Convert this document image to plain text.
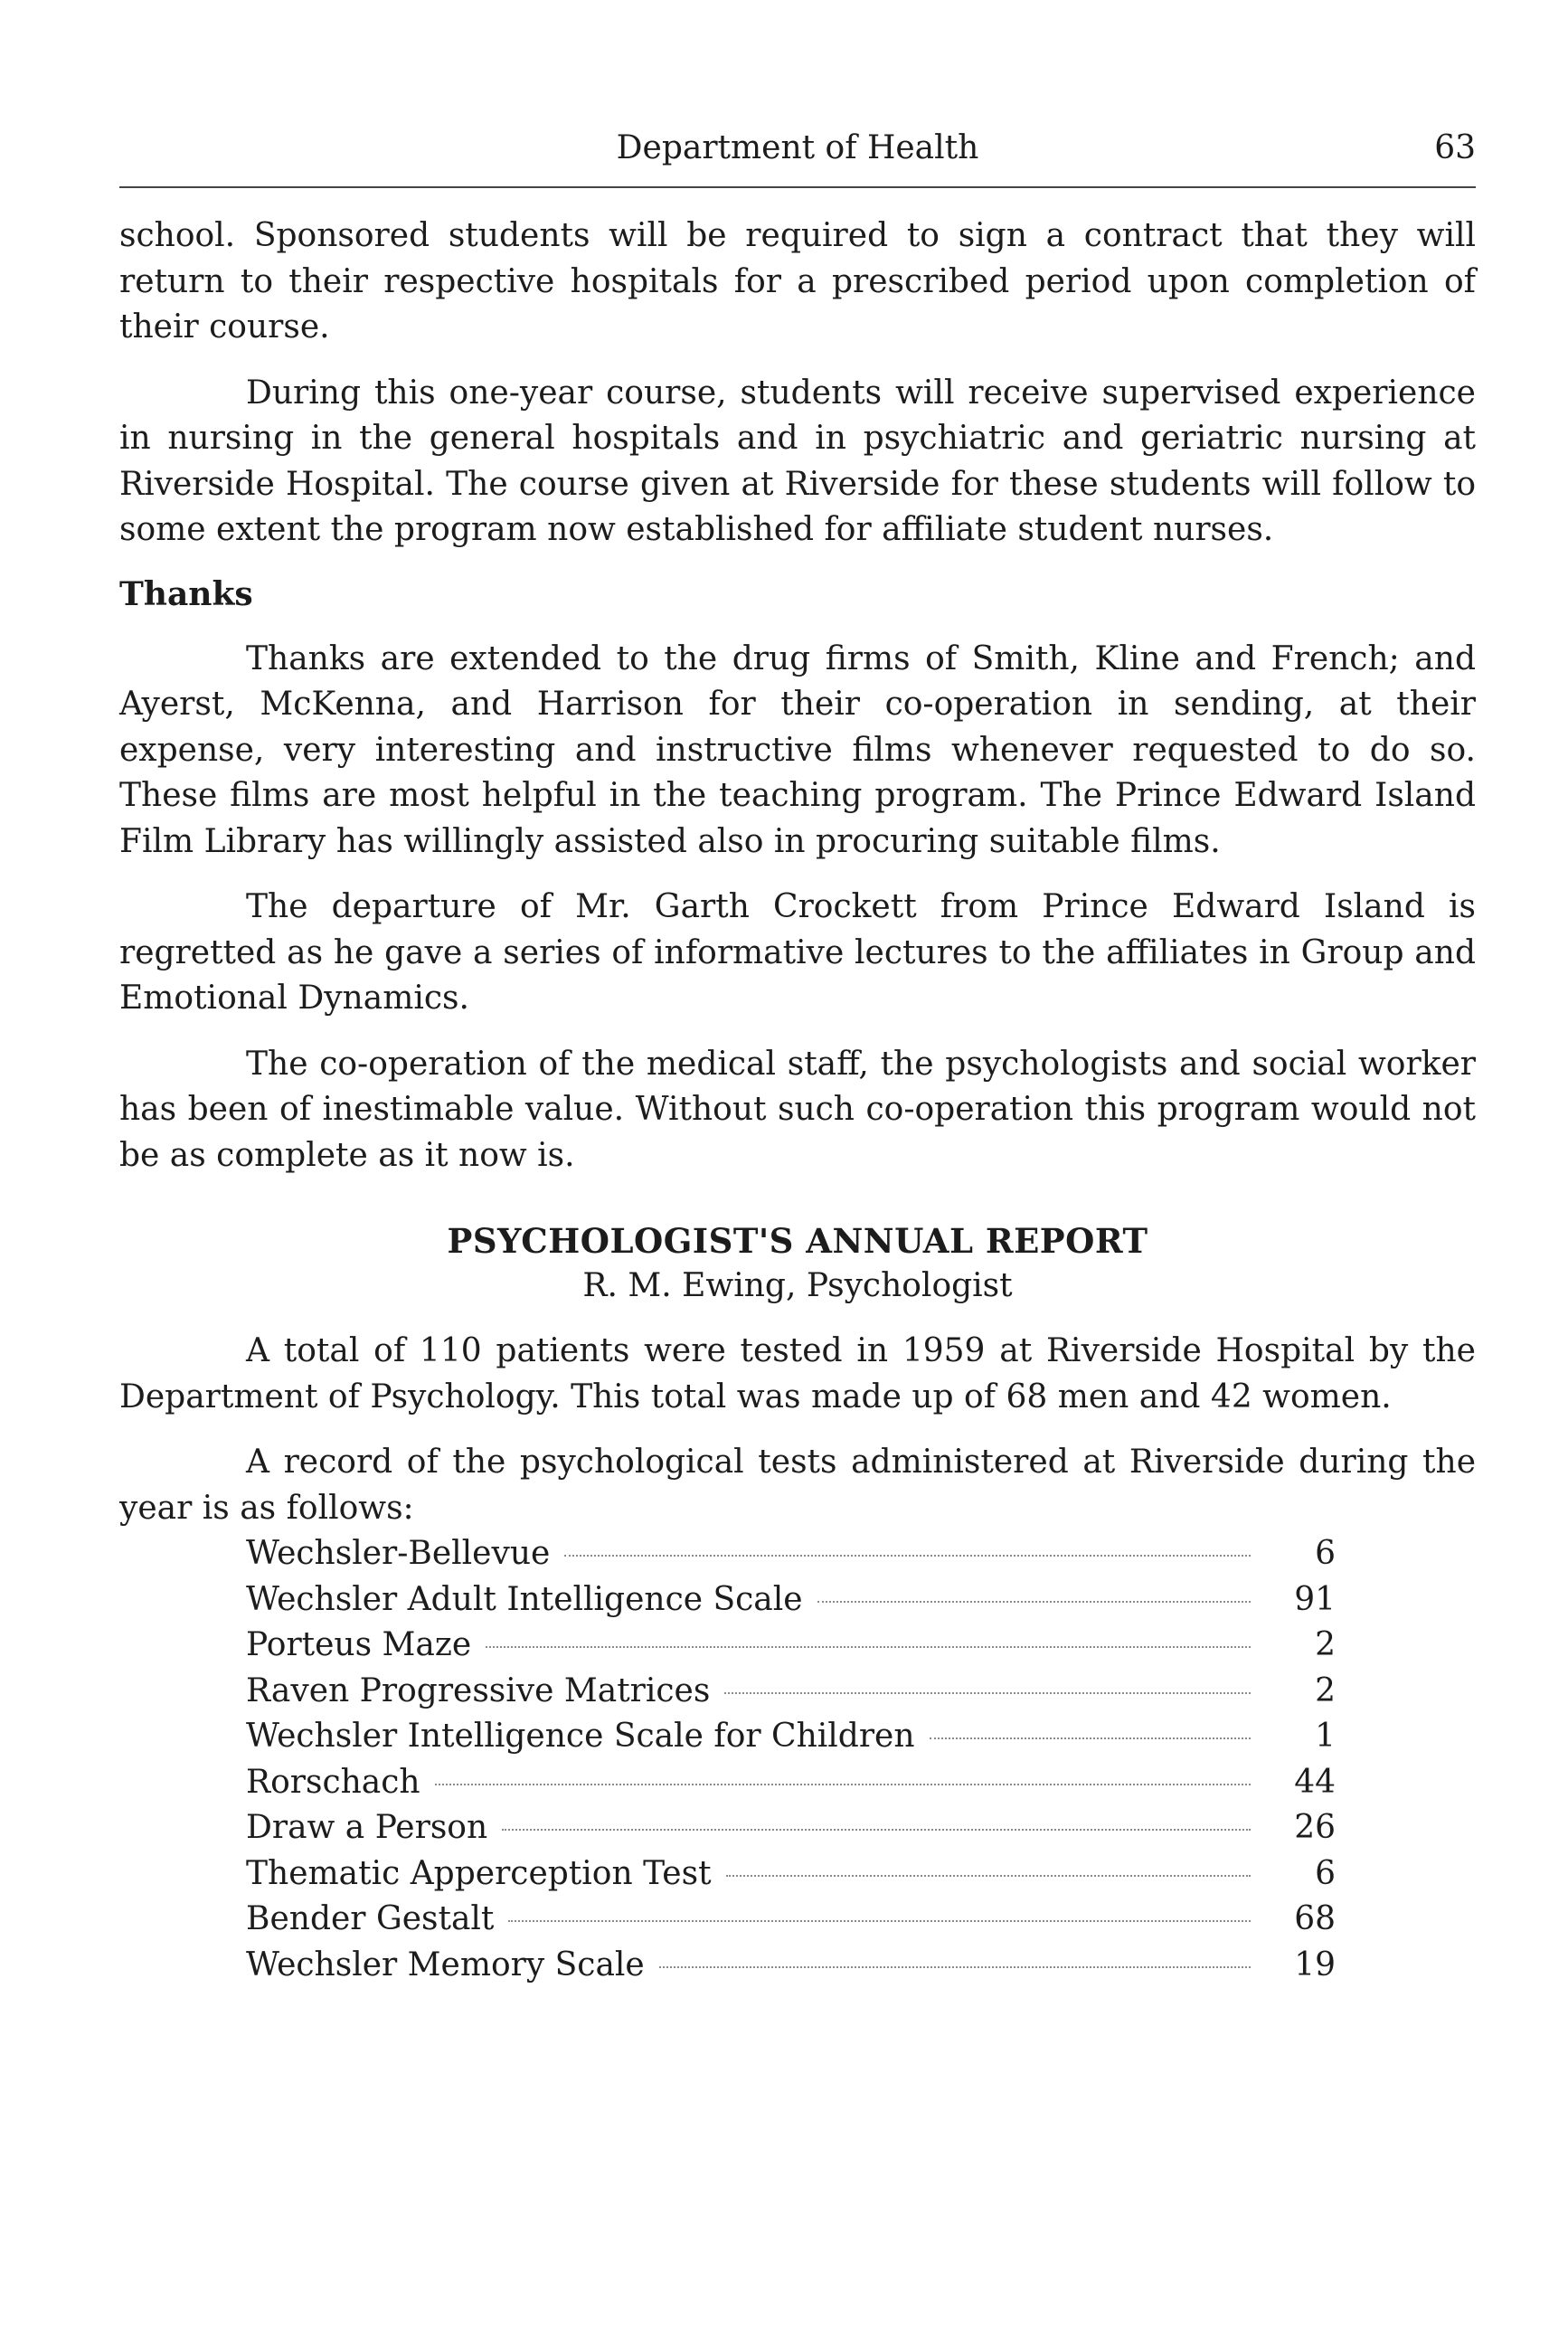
Department of Health	63

school. Sponsored students will be required to sign a contract that they will return to their respective hospitals for a prescribed period upon completion of their course.

During this one-year course, students will receive supervised experience in nursing in the general hospitals and in psychiatric and geriatric nursing at Riverside Hospital. The course given at Riverside for these students will follow to some extent the program now established for affiliate student nurses.

Thanks

Thanks are extended to the drug firms of Smith, Kline and French; and Ayerst, McKenna, and Harrison for their co-operation in sending, at their expense, very interesting and instructive films whenever requested to do so. These films are most helpful in the teaching program. The Prince Edward Island Film Library has willingly assisted also in procuring suitable films.

The departure of Mr. Garth Crockett from Prince Edward Island is regretted as he gave a series of informative lectures to the affiliates in Group and Emotional Dynamics.

The co-operation of the medical staff, the psychologists and social worker has been of inestimable value. Without such co-operation this program would not be as complete as it now is.

PSYCHOLOGIST'S ANNUAL REPORT
R. M. Ewing, Psychologist

A total of 110 patients were tested in 1959 at Riverside Hospital by the Department of Psychology. This total was made up of 68 men and 42 women.

A record of the psychological tests administered at Riverside during the year is as follows:

Wechsler-Bellevue	6
Wechsler Adult Intelligence Scale	91
Porteus Maze	2
Raven Progressive Matrices	2
Wechsler Intelligence Scale for Children	1
Rorschach	44
Draw a Person	26
Thematic Apperception Test	6
Bender Gestalt	68
Wechsler Memory Scale	19
